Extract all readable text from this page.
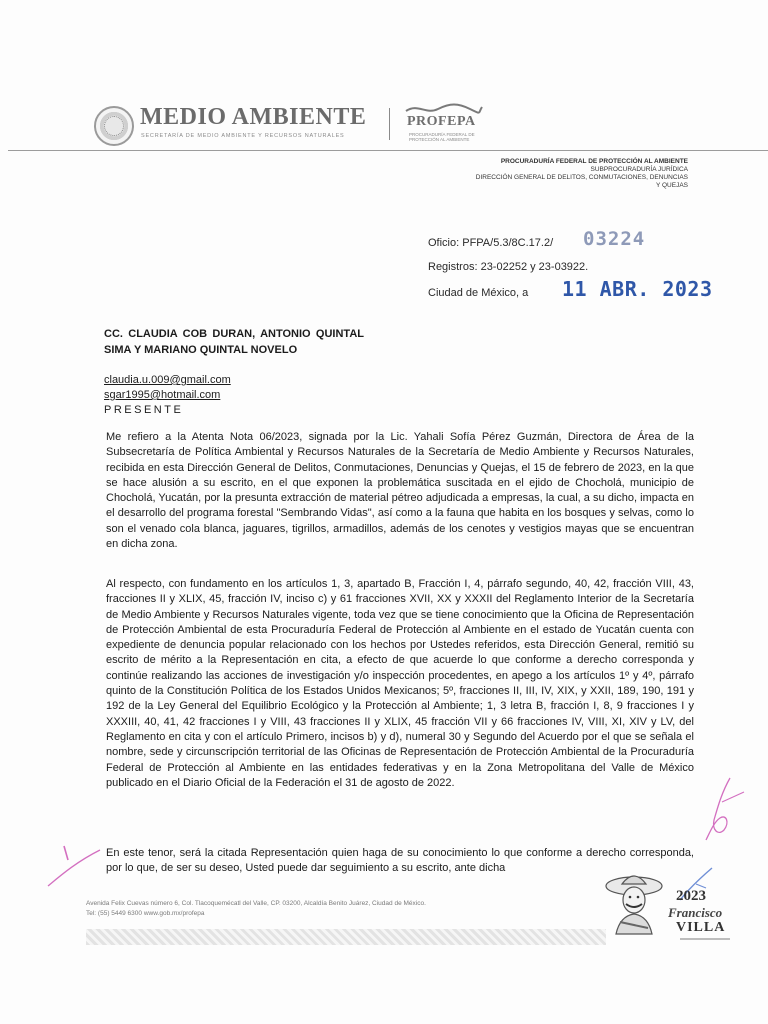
MEDIO AMBIENTE
SECRETARÍA DE MEDIO AMBIENTE Y RECURSOS NATURALES
PROFEPA
PROCURADURÍA FEDERAL DE PROTECCIÓN AL AMBIENTE
PROCURADURÍA FEDERAL DE PROTECCIÓN AL AMBIENTE
SUBPROCURADURÍA JURÍDICA
DIRECCIÓN GENERAL DE DELITOS, CONMUTACIONES, DENUNCIAS
Y QUEJAS
Oficio: PFPA/5.3/8C.17.2/ 03224
Registros: 23-02252 y 23-03922.
Ciudad de México, a 11 ABR. 2023
CC. CLAUDIA COB DURAN, ANTONIO QUINTAL SIMA Y MARIANO QUINTAL NOVELO
claudia.u.009@gmail.com
sgar1995@hotmail.com
PRESENTE
Me refiero a la Atenta Nota 06/2023, signada por la Lic. Yahali Sofía Pérez Guzmán, Directora de Área de la Subsecretaría de Política Ambiental y Recursos Naturales de la Secretaría de Medio Ambiente y Recursos Naturales, recibida en esta Dirección General de Delitos, Conmutaciones, Denuncias y Quejas, el 15 de febrero de 2023, en la que se hace alusión a su escrito, en el que exponen la problemática suscitada en el ejido de Chocholá, municipio de Chocholá, Yucatán, por la presunta extracción de material pétreo adjudicada a empresas, la cual, a su dicho, impacta en el desarrollo del programa forestal "Sembrando Vidas", así como a la fauna que habita en los bosques y selvas, como lo son el venado cola blanca, jaguares, tigrillos, armadillos, además de los cenotes y vestigios mayas que se encuentran en dicha zona.
Al respecto, con fundamento en los artículos 1, 3, apartado B, Fracción I, 4, párrafo segundo, 40, 42, fracción VIII, 43, fracciones II y XLIX, 45, fracción IV, inciso c) y 61 fracciones XVII, XX y XXXII del Reglamento Interior de la Secretaría de Medio Ambiente y Recursos Naturales vigente, toda vez que se tiene conocimiento que la Oficina de Representación de Protección Ambiental de esta Procuraduría Federal de Protección al Ambiente en el estado de Yucatán cuenta con expediente de denuncia popular relacionado con los hechos por Ustedes referidos, esta Dirección General, remitió su escrito de mérito a la Representación en cita, a efecto de que acuerde lo que conforme a derecho corresponda y continúe realizando las acciones de investigación y/o inspección procedentes, en apego a los artículos 1º y 4º, párrafo quinto de la Constitución Política de los Estados Unidos Mexicanos; 5º, fracciones II, III, IV, XIX, y XXII, 189, 190, 191 y 192 de la Ley General del Equilibrio Ecológico y la Protección al Ambiente; 1, 3 letra B, fracción I, 8, 9 fracciones I y XXXIII, 40, 41, 42 fracciones I y VIII, 43 fracciones II y XLIX, 45 fracción VII y 66 fracciones IV, VIII, XI, XIV y LV, del Reglamento en cita y con el artículo Primero, incisos b) y d), numeral 30 y Segundo del Acuerdo por el que se señala el nombre, sede y circunscripción territorial de las Oficinas de Representación de Protección Ambiental de la Procuraduría Federal de Protección al Ambiente en las entidades federativas y en la Zona Metropolitana del Valle de México publicado en el Diario Oficial de la Federación el 31 de agosto de 2022.
En este tenor, será la citada Representación quien haga de su conocimiento lo que conforme a derecho corresponda, por lo que, de ser su deseo, Usted puede dar seguimiento a su escrito, ante dicha
Avenida Felix Cuevas número 6, Col. Tlacoquemécatl del Valle, CP. 03200, Alcaldía Benito Juárez, Ciudad de México.
Tel: (55) 5449 6300 www.gob.mx/profepa
2023
Francisco
VILLA
